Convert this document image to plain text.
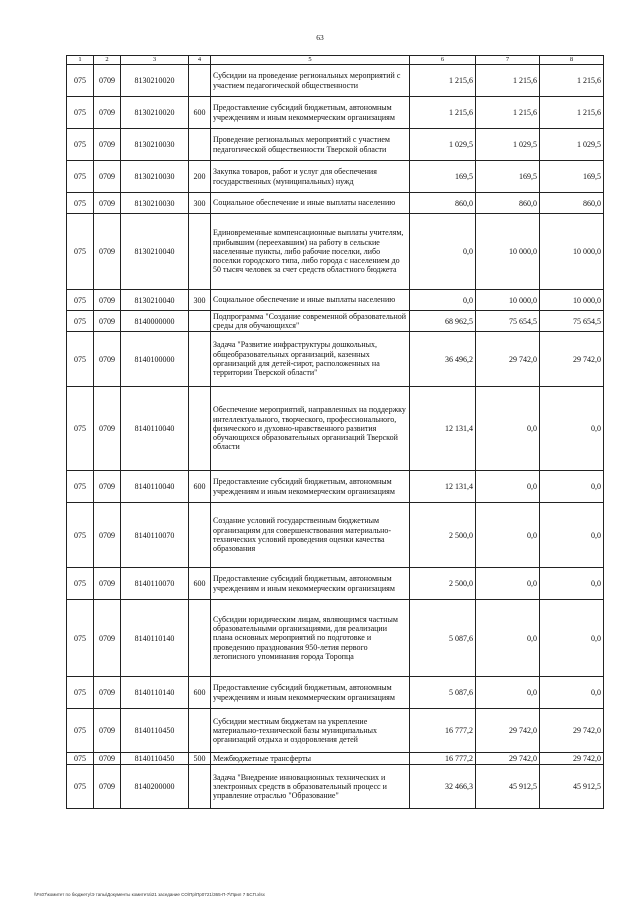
63
1	2	3	4	5	6	7	8
075	0709	8130210020		Субсидии на проведение региональных мероприятий с участием педагогической общественности	1 215,6	1 215,6	1 215,6
075	0709	8130210020	600	Предоставление субсидий бюджетным, автономным учреждениям и иным некоммерческим организациям	1 215,6	1 215,6	1 215,6
075	0709	8130210030		Проведение региональных мероприятий с участием педагогической общественности Тверской области	1 029,5	1 029,5	1 029,5
075	0709	8130210030	200	Закупка товаров, работ и услуг для обеспечения государственных (муниципальных) нужд	169,5	169,5	169,5
075	0709	8130210030	300	Социальное обеспечение и иные выплаты населению	860,0	860,0	860,0
075	0709	8130210040		Единовременные компенсационные выплаты учителям, прибывшим (переехавшим) на работу в сельские населенные пункты, либо рабочие поселки, либо поселки городского типа, либо города с населением до 50 тысяч человек за счет средств областного бюджета	0,0	10 000,0	10 000,0
075	0709	8130210040	300	Социальное обеспечение и иные выплаты населению	0,0	10 000,0	10 000,0
075	0709	8140000000		Подпрограмма "Создание современной образовательной среды для обучающихся"	68 962,5	75 654,5	75 654,5
075	0709	8140100000		Задача "Развитие инфраструктуры дошкольных, общеобразовательных организаций, казенных организаций для детей-сирот, расположенных на территории Тверской области"	36 496,2	29 742,0	29 742,0
075	0709	8140110040		Обеспечение мероприятий, направленных на поддержку интеллектуального, творческого, профессионального, физического и духовно-нравственного развития обучающихся образовательных организаций Тверской области	12 131,4	0,0	0,0
075	0709	8140110040	600	Предоставление субсидий бюджетным, автономным учреждениям и иным некоммерческим организациям	12 131,4	0,0	0,0
075	0709	8140110070		Создание условий государственным бюджетным организациям для совершенствования материально-технических условий проведения оценки качества образования	2 500,0	0,0	0,0
075	0709	8140110070	600	Предоставление субсидий бюджетным, автономным учреждениям и иным некоммерческим организациям	2 500,0	0,0	0,0
075	0709	8140110140		Субсидии юридическим лицам, являющимся частным образовательными организациями, для реализации плана основных мероприятий по подготовке и проведению празднования 950-летия первого летописного упоминания города Торопца	5 087,6	0,0	0,0
075	0709	8140110140	600	Предоставление субсидий бюджетным, автономным учреждениям и иным некоммерческим организациям	5 087,6	0,0	0,0
075	0709	8140110450		Субсидии местным бюджетам на укрепление материально-технической базы муниципальных организаций отдыха и оздоровления детей	16 777,2	29 742,0	29 742,0
075	0709	8140110450	500	Межбюджетные трансферты	16 777,2	29 742,0	29 742,0
075	0709	8140200000		Задача "Внедрение инновационных технических и электронных средств в образовательный процесс и управление отраслью "Образование"	32 466,3	45 912,5	45 912,5
\\Fs07\комитет по бюджету\Э тапы\Документы комитета\21 заседание СО\Пр\Пр0721\365-П-7\Прил 7 БСП.xlsx
